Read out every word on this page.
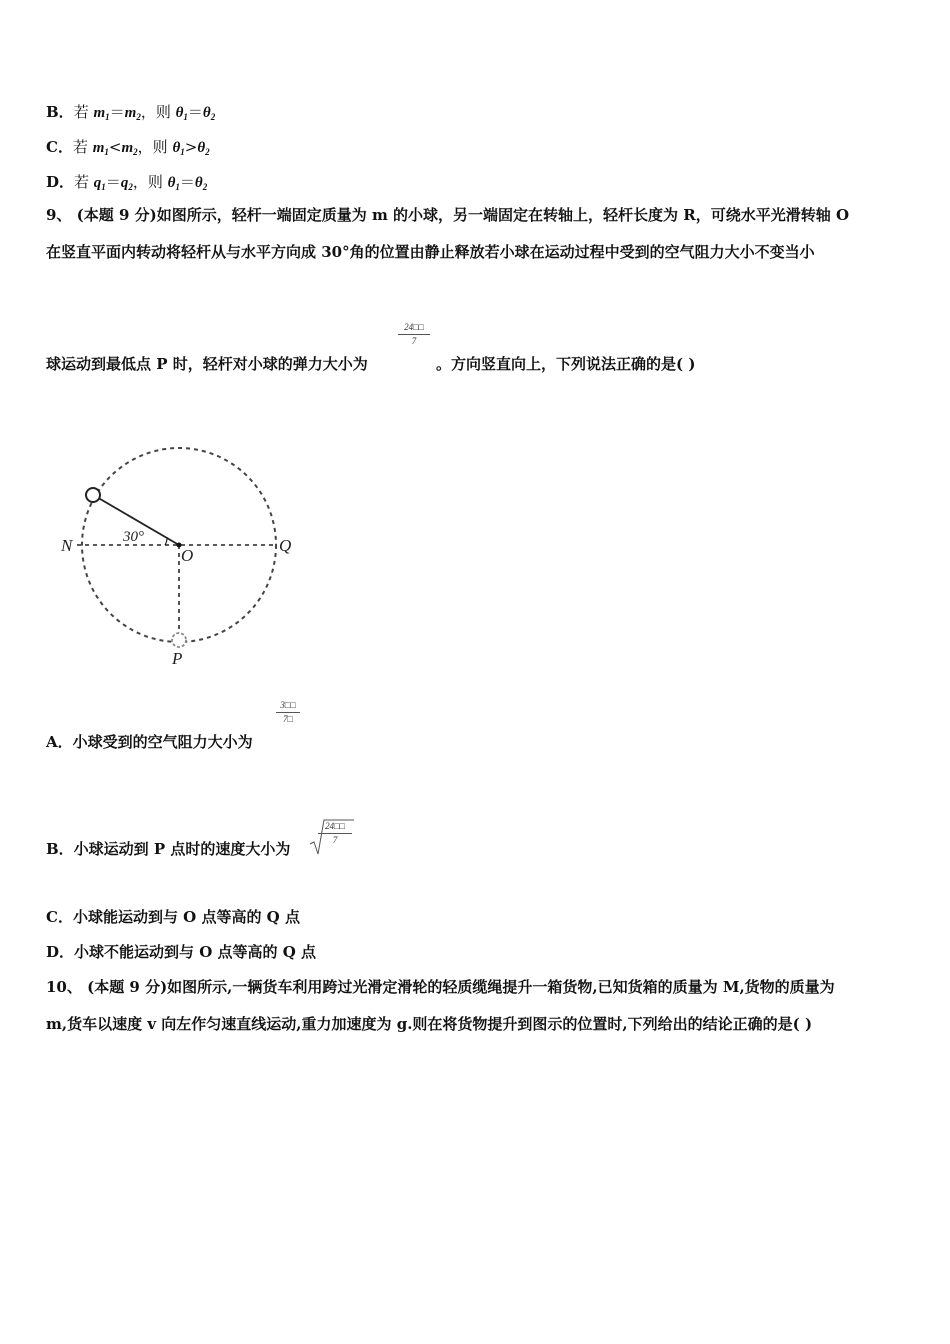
B．若 $m_1=m_2$，则 $\theta_1=\theta_2$
C．若 $m_1<m_2$，则 $\theta_1>\theta_2$
D．若 $q_1=q_2$，则 $\theta_1=\theta_2$
9、 (本题 9 分)如图所示，轻杆一端固定质量为 m 的小球，另一端固定在转轴上，轻杆长度为 R，可绕水平光滑转轴 O
在竖直平面内转动将轻杆从与水平方向成 30°角的位置由静止释放若小球在运动过程中受到的空气阻力大小不变当小
球运动到最低点 P 时，轻杆对小球的弹力大小为
24□□
7
。方向竖直向上，下列说法正确的是( )
30°
N
O
Q
P
3□□
7□
A．小球受到的空气阻力大小为
B．小球运动到 P 点时的速度大小为
24□□
7
C．小球能运动到与 O 点等高的 Q 点
D．小球不能运动到与 O 点等高的 Q 点
10、 (本题 9 分)如图所示,一辆货车利用跨过光滑定滑轮的轻质缆绳提升一箱货物,已知货箱的质量为 M,货物的质量为
m,货车以速度 v 向左作匀速直线运动,重力加速度为 g.则在将货物提升到图示的位置时,下列给出的结论正确的是( )
